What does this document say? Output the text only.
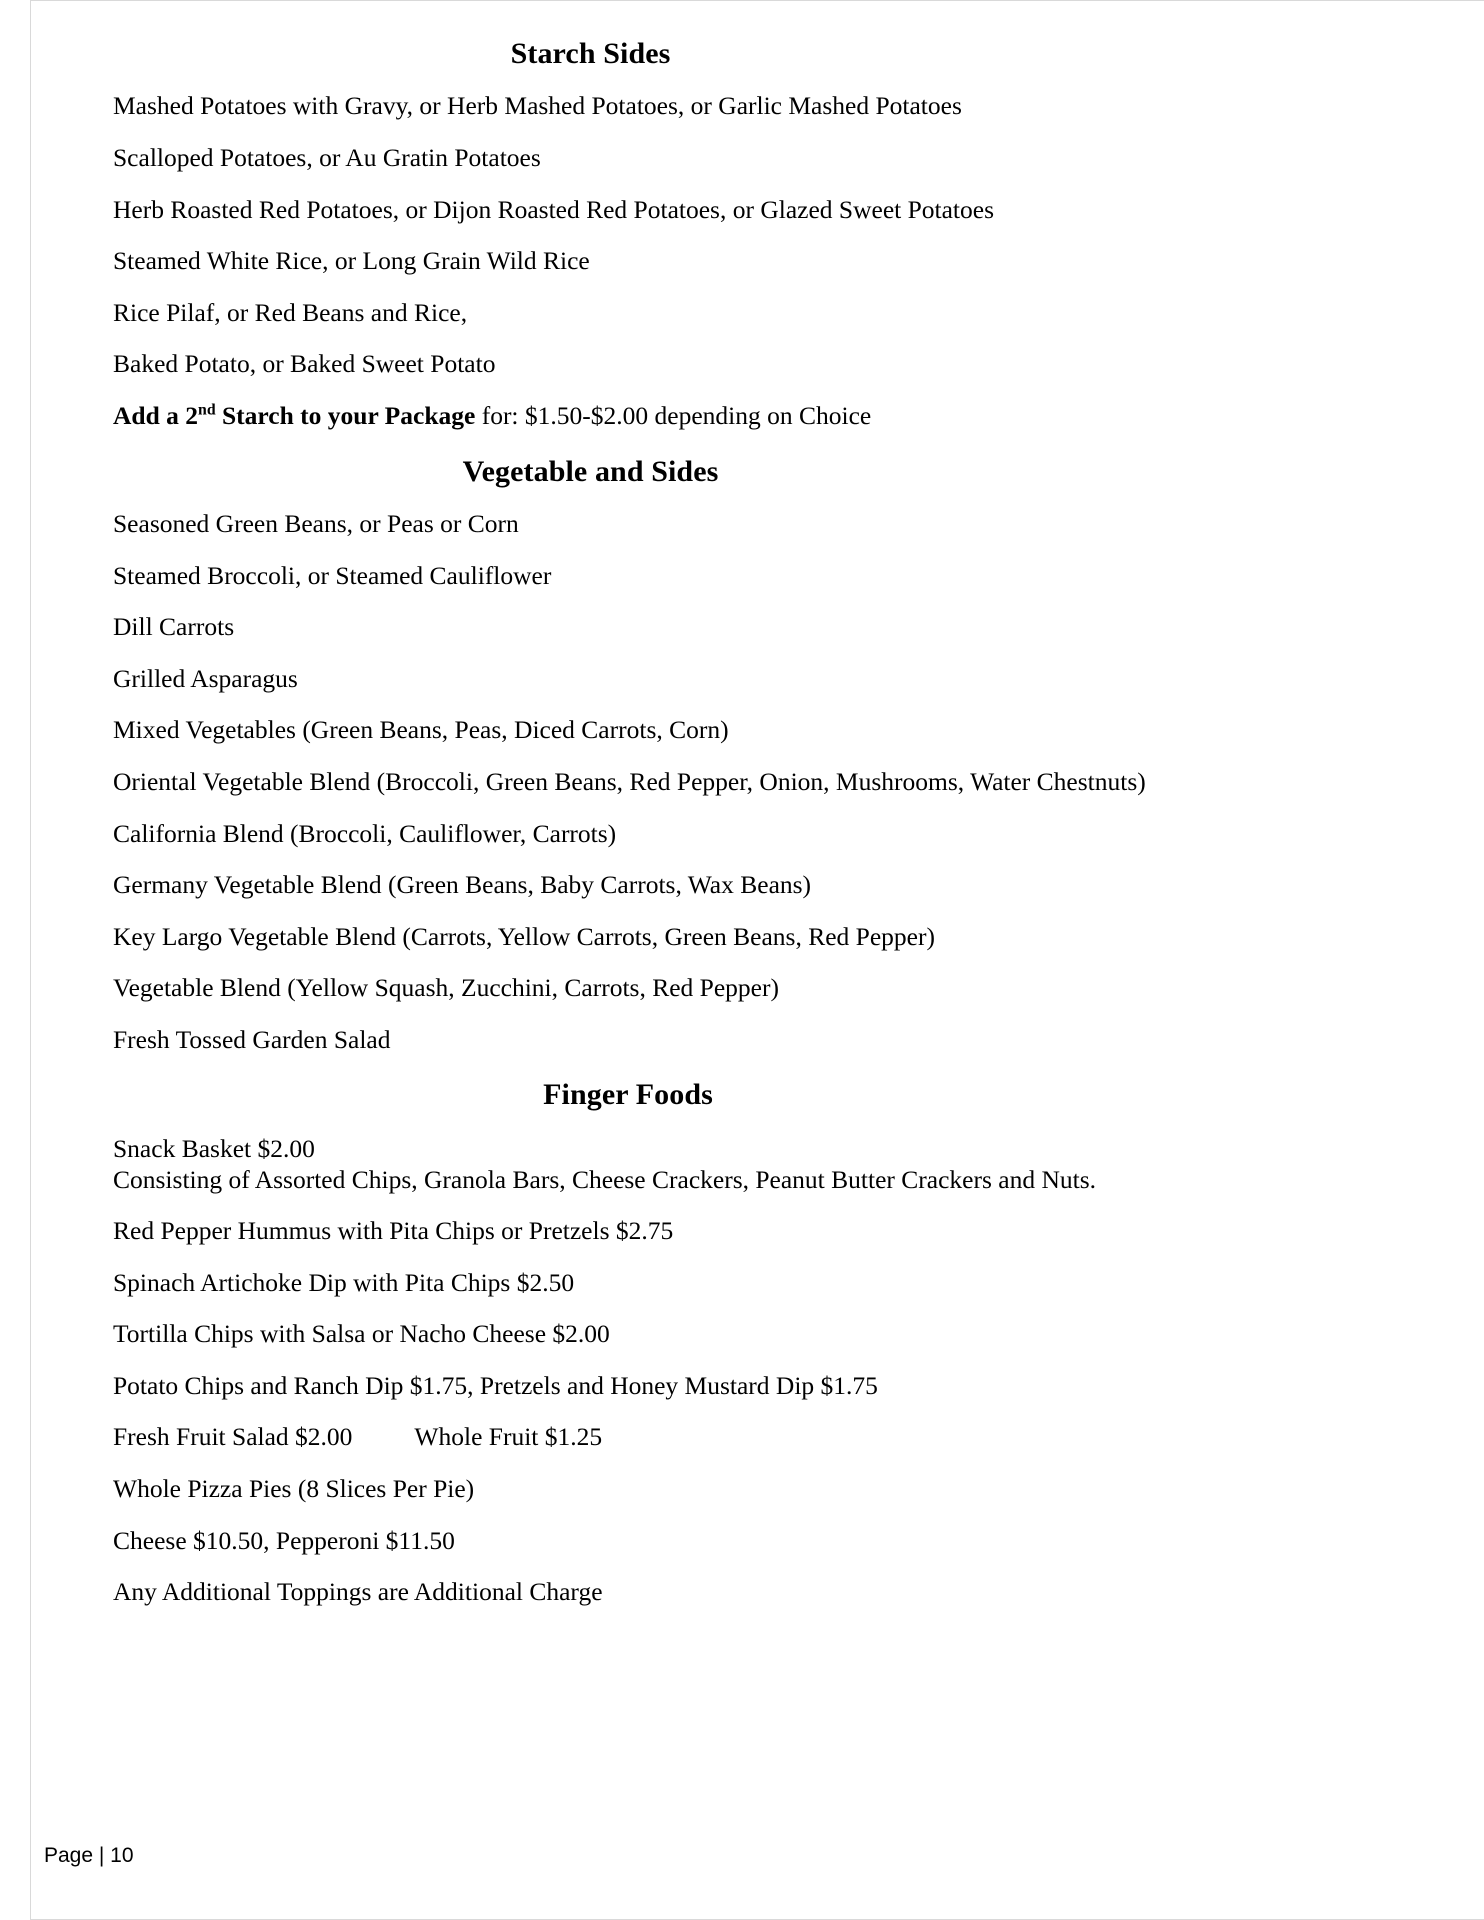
Starch Sides

Mashed Potatoes with Gravy, or Herb Mashed Potatoes, or Garlic Mashed Potatoes

Scalloped Potatoes, or Au Gratin Potatoes

Herb Roasted Red Potatoes, or Dijon Roasted Red Potatoes, or Glazed Sweet Potatoes

Steamed White Rice, or Long Grain Wild Rice

Rice Pilaf, or Red Beans and Rice,

Baked Potato, or Baked Sweet Potato

Add a 2nd Starch to your Package for: $1.50-$2.00 depending on Choice

Vegetable and Sides

Seasoned Green Beans, or Peas or Corn

Steamed Broccoli, or Steamed Cauliflower

Dill Carrots

Grilled Asparagus

Mixed Vegetables (Green Beans, Peas, Diced Carrots, Corn)

Oriental Vegetable Blend (Broccoli, Green Beans, Red Pepper, Onion, Mushrooms, Water Chestnuts)

California Blend (Broccoli, Cauliflower, Carrots)

Germany Vegetable Blend (Green Beans, Baby Carrots, Wax Beans)

Key Largo Vegetable Blend (Carrots, Yellow Carrots, Green Beans, Red Pepper)

Vegetable Blend (Yellow Squash, Zucchini, Carrots, Red Pepper)

Fresh Tossed Garden Salad

Finger Foods

Snack Basket $2.00
Consisting of Assorted Chips, Granola Bars, Cheese Crackers, Peanut Butter Crackers and Nuts.

Red Pepper Hummus with Pita Chips or Pretzels $2.75

Spinach Artichoke Dip with Pita Chips $2.50

Tortilla Chips with Salsa or Nacho Cheese $2.00

Potato Chips and Ranch Dip $1.75, Pretzels and Honey Mustard Dip $1.75

Fresh Fruit Salad $2.00 Whole Fruit $1.25

Whole Pizza Pies (8 Slices Per Pie)

Cheese $10.50, Pepperoni $11.50

Any Additional Toppings are Additional Charge

Page | 10
